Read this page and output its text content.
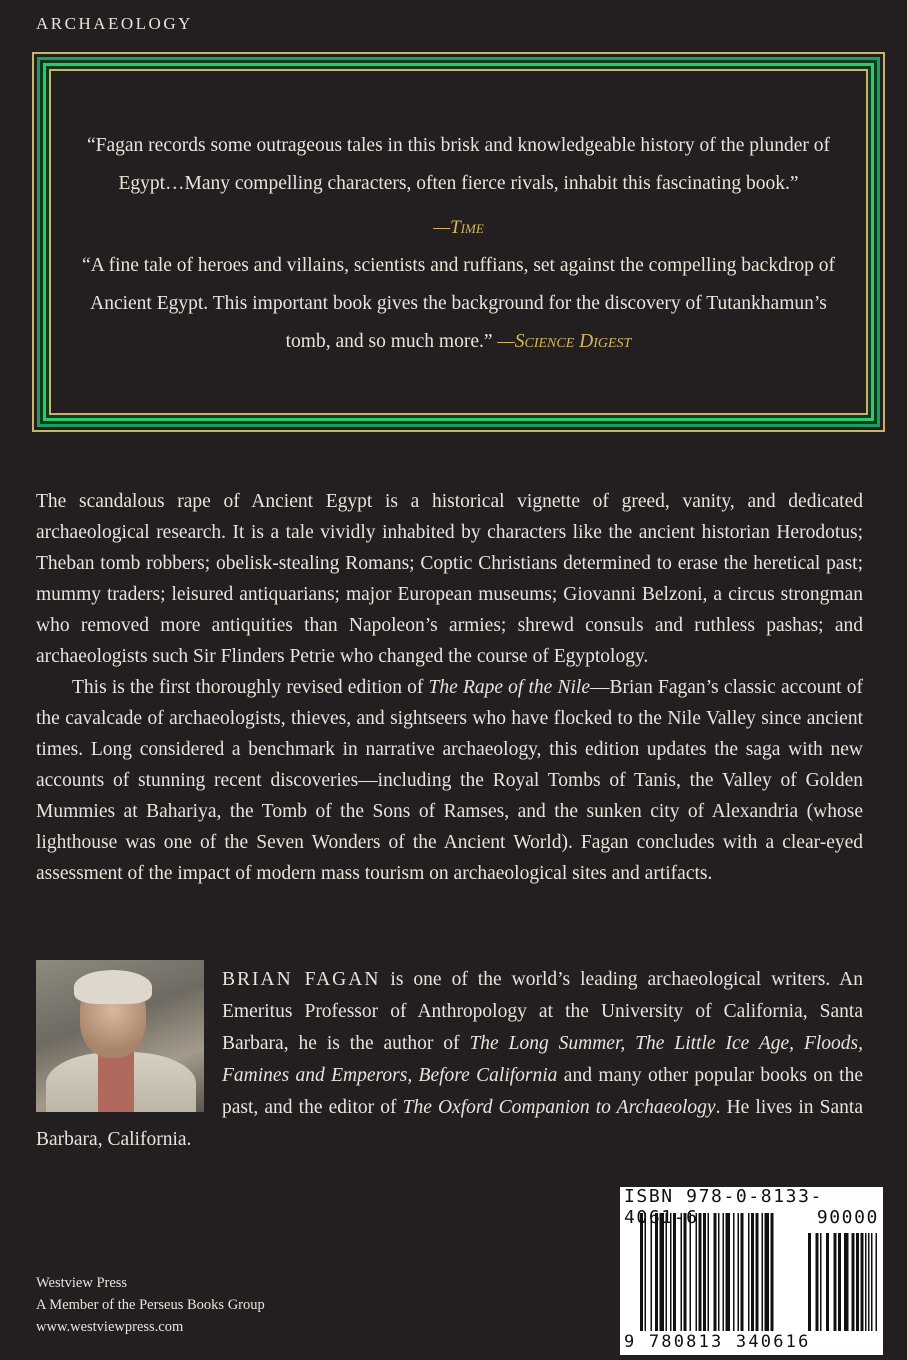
ARCHAEOLOGY

“Fagan records some outrageous tales in this brisk and knowledgeable history of the plunder of Egypt…Many compelling characters, often fierce rivals, inhabit this fascinating book.”

—Time

“A fine tale of heroes and villains, scientists and ruffians, set against the compelling backdrop of Ancient Egypt. This important book gives the background for the discovery of Tutankhamun’s tomb, and so much more.” —Science Digest

The scandalous rape of Ancient Egypt is a historical vignette of greed, vanity, and dedicated archaeological research. It is a tale vividly inhabited by characters like the ancient historian Herodotus; Theban tomb robbers; obelisk-stealing Romans; Coptic Christians determined to erase the heretical past; mummy traders; leisured antiquarians; major European museums; Giovanni Belzoni, a circus strongman who removed more antiquities than Napoleon’s armies; shrewd consuls and ruthless pashas; and archaeologists such Sir Flinders Petrie who changed the course of Egyptology.

This is the first thoroughly revised edition of The Rape of the Nile—Brian Fagan’s classic account of the cavalcade of archaeologists, thieves, and sightseers who have flocked to the Nile Valley since ancient times. Long considered a benchmark in narrative archaeology, this edition updates the saga with new accounts of stunning recent discoveries—including the Royal Tombs of Tanis, the Valley of Golden Mummies at Bahariya, the Tomb of the Sons of Ramses, and the sunken city of Alexandria (whose lighthouse was one of the Seven Wonders of the Ancient World). Fagan concludes with a clear-eyed assessment of the impact of modern mass tourism on archaeological sites and artifacts.

BRIAN FAGAN is one of the world’s leading archaeological writers. An Emeritus Professor of Anthropology at the University of California, Santa Barbara, he is the author of The Long Summer, The Little Ice Age, Floods, Famines and Emperors, Before California and many other popular books on the past, and the editor of The Oxford Companion to Archaeology. He lives in Santa Barbara, California.
Westview Press
A Member of the Perseus Books Group
www.westviewpress.com
ISBN 978-0-8133-4061-6	90000
9 780813 340616
